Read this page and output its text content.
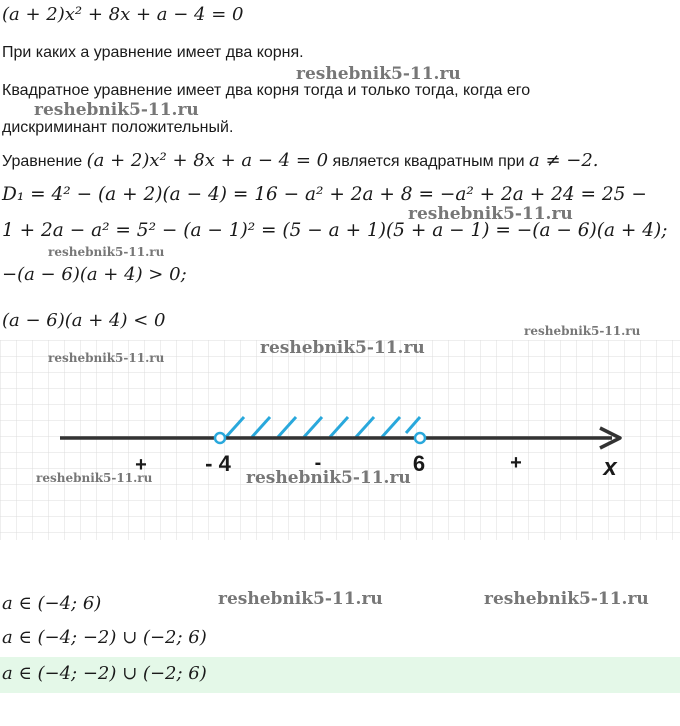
(a + 2)x² + 8x + a − 4 = 0
При каких a уравнение имеет два корня.
Квадратное уравнение имеет два корня тогда и только тогда, когда его
дискриминант положительный.
Уравнение (a + 2)x² + 8x + a − 4 = 0 является квадратным при a ≠ −2.
D₁ = 4² − (a + 2)(a − 4) = 16 − a² + 2a + 8 = −a² + 2a + 24 = 25 −
1 + 2a − a² = 5² − (a − 1)² = (5 − a + 1)(5 + a − 1) = −(a − 6)(a + 4);
−(a − 6)(a + 4) > 0;
(a − 6)(a + 4) < 0
- 4	6
+	-	+	x
a ∈ (−4; 6)
a ∈ (−4; −2) ∪ (−2; 6)
a ∈ (−4; −2) ∪ (−2; 6)
reshebnik5-11.ru
reshebnik5-11.ru
reshebnik5-11.ru
reshebnik5-11.ru
reshebnik5-11.ru
reshebnik5-11.ru
reshebnik5-11.ru
reshebnik5-11.ru	reshebnik5-11.ru
reshebnik5-11.ru	reshebnik5-11.ru
